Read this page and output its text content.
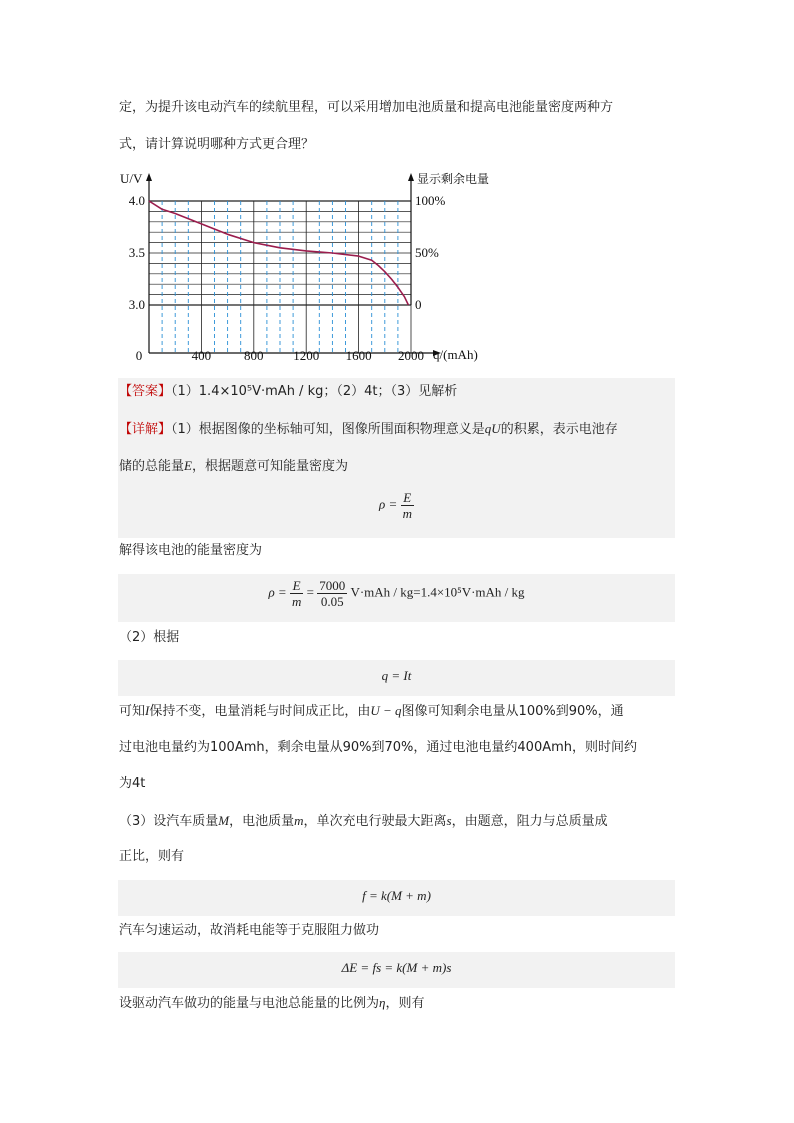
定，为提升该电动汽车的续航里程，可以采用增加电池质量和提高电池能量密度两种方
式，请计算说明哪种方式更合理？
U/V	显示剩余电量
q/(mAh)
0	400	800 1200 1600 2000
3.0
3.5
4.0
0
50%
100%
【答案】（1）1.4×10⁵V·mAh / kg；（2）4t；（3）见解析
【详解】（1）根据图像的坐标轴可知，图像所围面积物理意义是qU的积累，表示电池存
储的总能量E，根据题意可知能量密度为
$\rho = \frac{E}{m}$
解得该电池的能量密度为
$\rho = \frac{E}{m} = \frac{7000}{0.05} V\cdot mAh / kg=1.4\times 10^5V\cdot mAh$ / kg
（2）根据
q = It
可知I保持不变，电量消耗与时间成正比，由U − q图像可知剩余电量从100%到90%，通
过电池电量约为100Amh，剩余电量从90%到70%，通过电池电量约400Amh，则时间约
为4t
（3）设汽车质量M，电池质量m，单次充电行驶最大距离s，由题意，阻力与总质量成
正比，则有
f = k(M + m)
汽车匀速运动，故消耗电能等于克服阻力做功
ΔE = fs = k(M + m)s
设驱动汽车做功的能量与电池总能量的比例为η，则有
